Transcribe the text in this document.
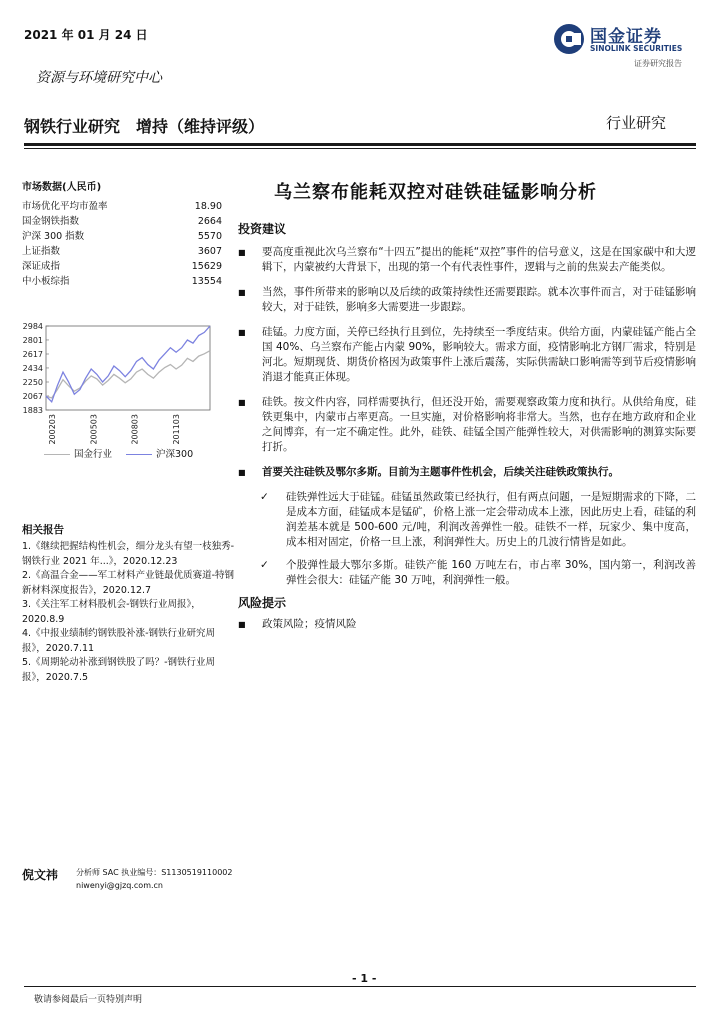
2021 年 01 月 24 日	国金证券
SINOLINK SECURITIES
证券研究报告
资源与环境研究中心
钢铁行业研究　增持（维持评级）	行业研究
市场数据(人民币)
市场优化平均市盈率	18.90
国金钢铁指数	2664
沪深 300 指数	5570
上证指数	3607
深证成指	15629
中小板综指	13554
2984
2801
2617
2434
2250
2067
1883
200203	200503	200803	201103
国金行业	沪深300
相关报告
1.《继续把握结构性机会，细分龙头有望一枝独秀-钢铁行业 2021 年...》，2020.12.23
2.《高温合金——军工材料产业链最优质赛道-特钢新材料深度报告》，2020.12.7
3.《关注军工材料股机会-钢铁行业周报》，2020.8.9
4.《中报业绩制约钢铁股补涨-钢铁行业研究周报》，2020.7.11
5.《周期轮动补涨到钢铁股了吗？-钢铁行业周报》，2020.7.5
倪文祎 分析师 SAC 执业编号：S1130519110002
niwenyi@gjzq.com.cn
乌兰察布能耗双控对硅铁硅锰影响分析
投资建议
■	要高度重视此次乌兰察布“十四五”提出的能耗“双控”事件的信号意义，这是在国家碳中和大逻辑下，内蒙被约大背景下，出现的第一个有代表性事件，逻辑与之前的焦炭去产能类似。
■	当然，事件所带来的影响以及后续的政策持续性还需要跟踪。就本次事件而言，对于硅锰影响较大，对于硅铁，影响多大需要进一步跟踪。
■	硅锰。力度方面，关停已经执行且到位，先持续至一季度结束。供给方面，内蒙硅锰产能占全国 40%、乌兰察布产能占内蒙 90%，影响较大。需求方面，疫情影响北方钢厂需求，特别是河北。短期现货、期货价格因为政策事件上涨后震荡，实际供需缺口影响需等到节后疫情影响消退才能真正体现。
■	硅铁。按文件内容，同样需要执行，但还没开始，需要观察政策力度和执行。从供给角度，硅铁更集中，内蒙市占率更高。一旦实施，对价格影响将非常大。当然，也存在地方政府和企业之间博弈，有一定不确定性。此外，硅铁、硅锰全国产能弹性较大，对供需影响的测算实际要打折。
■	首要关注硅铁及鄂尔多斯。目前为主题事件性机会，后续关注硅铁政策执行。
✓	硅铁弹性远大于硅锰。硅锰虽然政策已经执行，但有两点问题，一是短期需求的下降，二是成本方面，硅锰成本是锰矿，价格上涨一定会带动成本上涨，因此历史上看，硅锰的利润差基本就是 500-600 元/吨，利润改善弹性一般。硅铁不一样，玩家少、集中度高，成本相对固定，价格一旦上涨，利润弹性大。历史上的几波行情皆是如此。
✓	个股弹性最大鄂尔多斯。硅铁产能 160 万吨左右，市占率 30%，国内第一，利润改善弹性会很大：硅锰产能 30 万吨，利润弹性一般。
风险提示
■	政策风险；疫情风险
- 1 -
敬请参阅最后一页特别声明
